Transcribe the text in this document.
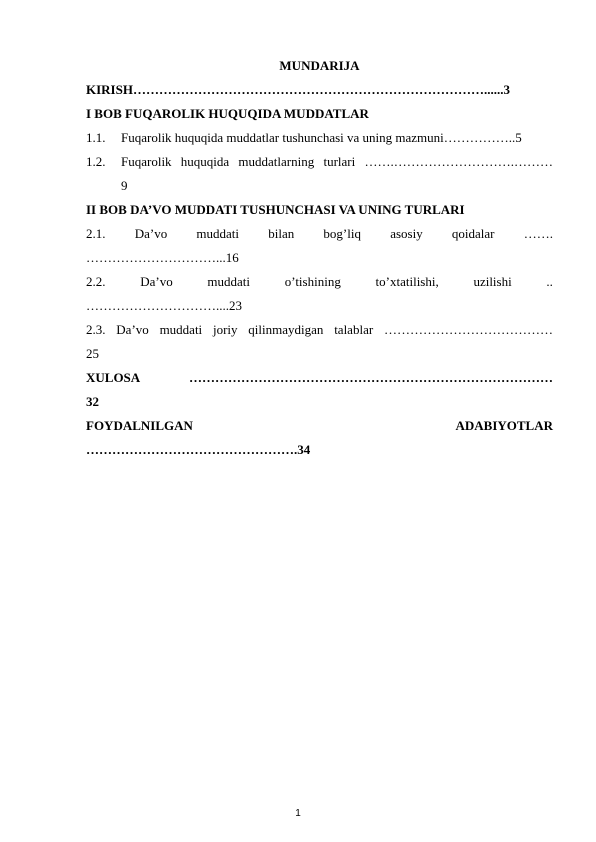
MUNDARIJA
KIRISH………………………………………………………………………......3
I BOB FUQAROLIK HUQUQIDA MUDDATLAR
1.1. Fuqarolik huquqida muddatlar tushunchasi va uning mazmuni……………..5
1.2.	Fuqarolik huquqida muddatlarning turlari …….……………………….………
9
II BOB DA’VO MUDDATI TUSHUNCHASI VA UNING TURLARI
2.1. Da’vo muddati bilan bog’liq asosiy qoidalar …….
…………………………...16
2.2.	Da’vo	muddati	o’tishining	to’xtatilishi,	uzilishi	..
…………………………....23
2.3. Da’vo muddati joriy qilinmaydigan talablar …………………………………
25
XULOSA	…………………………………………………………………………
32
FOYDALNILGAN	ADABIYOTLAR
………………………………………….34
1
